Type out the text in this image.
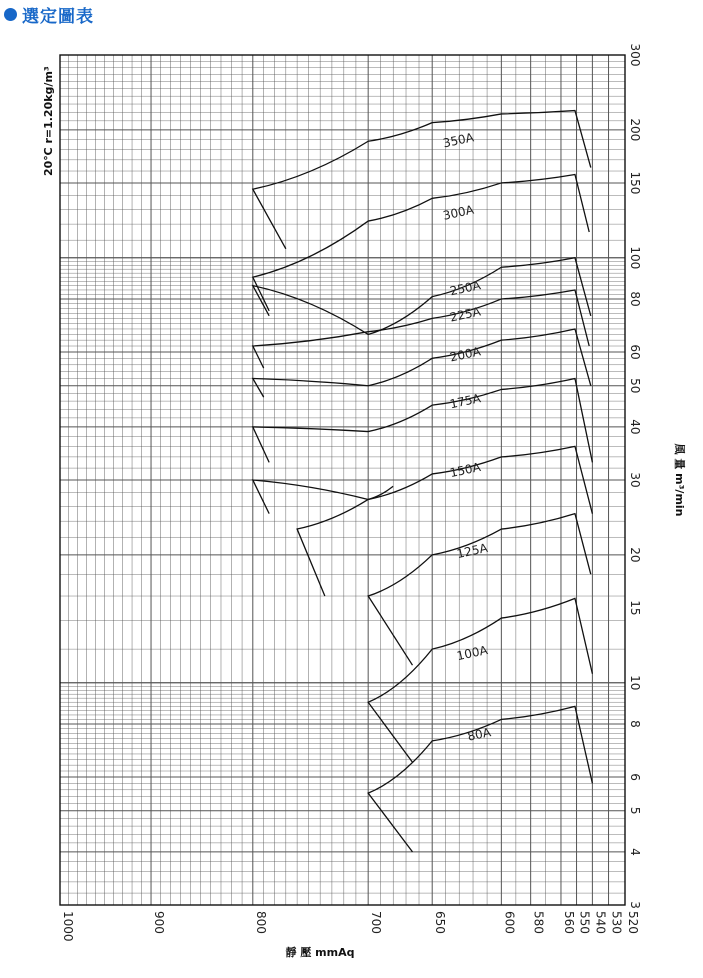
選定圖表
1000	900	800	700	650	600 580 560 550 540 530 520
300
200
150
100
80
60
50
40
30
20
15
10
8
6
5
4
3
350A
300A
250A
225A
200A
175A
150A
125A
100A
80A
20℃ r=1.20kg/m³
靜 壓 mmAq
風 量 m³/min
